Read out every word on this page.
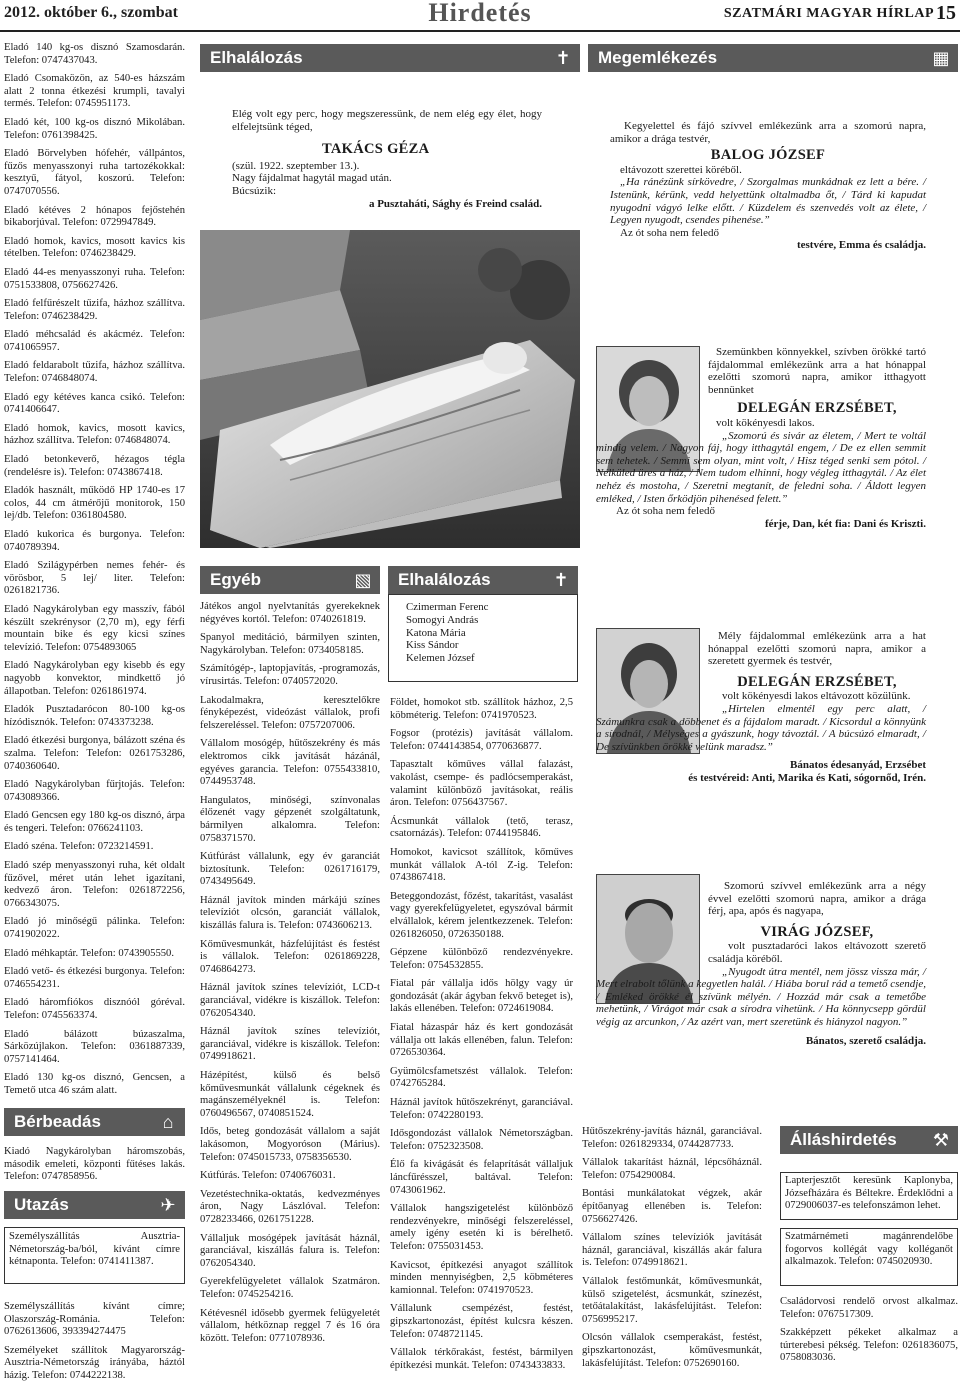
2012. október 6., szombat	Hirdetés	SZATMÁRI MAGYAR HÍRLAP 15

Eladó 140 kg-os disznó Szamosdarán. Telefon: 0747437043.

Eladó Csomaközön, az 540-es házszám alatt 2 tonna étkezési krumpli, tavalyi termés. Telefon: 0745951173.

Eladó két, 100 kg-os disznó Mikolában. Telefon: 0761398425.

Eladó Börvelyben hófehér, vállpántos, fűzős menyasszonyi ruha tartozékokkal: kesztyű, fátyol, koszorú. Telefon: 0747070556.

Eladó kétéves 2 hónapos fejőstehén bikaborjúval. Telefon: 0729947849.

Eladó homok, kavics, mosott kavics kis tételben. Telefon: 0746238429.

Eladó 44-es menyasszonyi ruha. Telefon: 0751533808, 0756627426.

Eladó felfűrészelt tűzifa, házhoz szállítva. Telefon: 0746238429.

Eladó méhcsalád és akácméz. Telefon: 0741065957.

Eladó feldarabolt tűzifa, házhoz szállítva. Telefon: 0746848074.

Eladó egy kétéves kanca csikó. Telefon: 0741406647.

Eladó homok, kavics, mosott kavics, házhoz szállítva. Telefon: 0746848074.

Eladó betonkeverő, hézagos tégla (rendelésre is). Telefon: 0743867418.

Eladók használt, működő HP 1740-es 17 colos, 44 cm átmérőjű monitorok, 150 lej/db. Telefon: 0361804580.

Eladó kukorica és burgonya. Telefon: 0740789394.

Eladó Szilágypérben nemes fehér- és vörösbor, 5 lej/ liter. Telefon: 0261821736.

Eladó Nagykárolyban egy masszív, fából készült szekrénysor (2,70 m), egy férfi mountain bike és egy kicsi színes televízió. Telefon: 0754893065

Eladó Nagykárolyban egy kisebb és egy nagyobb konvektor, mindkettő jó állapotban. Telefon: 0261861974.

Eladók Pusztadarócon 80-100 kg-os hízódisznók. Telefon: 0743373238.

Eladó étkezési burgonya, bálázott széna és szalma. Telefon: Telefon: 0261753286, 0740360640.

Eladó Nagykárolyban fűrjtojás. Telefon: 0743089366.

Eladó Gencsen egy 180 kg-os disznó, árpa és tengeri. Telefon: 0766241103.

Eladó széna. Telefon: 0723214591.

Eladó szép menyasszonyi ruha, két oldalt fűzővel, méret után lehet igazítani, kedvező áron. Telefon: 0261872256, 0766343075.

Eladó jó minőségű pálinka. Telefon: 0741902022.

Eladó méhkaptár. Telefon: 0743905550.

Eladó vető- és étkezési burgonya. Telefon: 0746554231.

Eladó háromfiókos disznóól góréval. Telefon: 0745563374.

Eladó bálázott búzaszalma, Sárközújlakon. Telefon: 0361887339, 0757141464.

Eladó 130 kg-os disznó, Gencsen, a Temető utca 46 szám alatt.

Bérbeadás	⌂

Kiadó Nagykárolyban háromszobás, második emeleti, központi fűtéses lakás. Telefon: 0747858956.

Utazás	✈
Személyszállítás Ausztria-Németország-ba/ból, kívánt címre kétnaponta. Telefon: 0741411387.

Személyszállítás kívánt címre; Olaszország-Románia. Telefon: 0762613606, 393394274475

Személyeket szállítok Magyarország-Ausztria-Németország irányába, háztól házig. Telefon: 0744222138.

Elhalálozás	✝
Elég volt egy perc, hogy megszeressünk, de nem elég egy élet, hogy elfelejtsünk téged,
TAKÁCS GÉZA
(szül. 1922. szeptember 13.).
Nagy fájdalmat hagytál magad után.
Búcsúzik:
a Pusztaháti, Sághy és Freind család.
Egyéb	▧

Játékos angol nyelvtanítás gyerekeknek négyéves kortól. Telefon: 0740261819.

Spanyol meditáció, bármilyen szinten, Nagykárolyban. Telefon: 0734058185.

Számítógép-, laptopjavítás, -programozás, vírusirtás. Telefon: 0740572020.

Lakodalmakra, keresztelőkre fényképezést, videózást vállalok, profi felszereléssel. Telefon: 0757207006.

Vállalom mosógép, hűtőszekrény és más elektromos cikk javítását házánál, egyéves garancia. Telefon: 0755433810, 0744953748.

Hangulatos, minőségi, színvonalas élőzenét vagy gépzenét szolgáltatunk, bármilyen alkalomra. Telefon: 0758371570.

Kútfúrást vállalunk, egy év garanciát biztosítunk. Telefon: 0261716179, 0743495649.

Háznál javítok minden márkájú színes televíziót olcsón, garanciát vállalok, kiszállás falura is. Telefon: 0743606213.

Kőművesmunkát, házfelújítást és festést is vállalok. Telefon: 0261869228, 0746864273.

Háznál javítok színes televíziót, LCD-t garanciával, vidékre is kiszállok. Telefon: 0762054340.

Háznál javítok színes televíziót, garanciával, vidékre is kiszállok. Telefon: 0749918621.

Házépítést, külső és belső kőművesmunkát vállalunk cégeknek és magánszemélyeknél is. Telefon: 0760496567, 0740851524.

Idős, beteg gondozását vállalom a saját lakásomon, Mogyoróson (Márius). Telefon: 0745015733, 0758356530.

Kútfúrás. Telefon: 0740676031.

Vezetéstechnika-oktatás, kedvezményes áron, Nagy Lászlóval. Telefon: 0728233466, 0261751228.

Vállaljuk mosógépek javítását háznál, garanciával, kiszállás falura is. Telefon: 0762054340.

Gyerekfelügyeletet vállalok Szatmáron. Telefon: 0745254216.

Kétévesnél idősebb gyermek felügyeletét vállalom, hétköznap reggel 7 és 16 óra között. Telefon: 0771078936.

Elhalálozás	✝
Czimerman Ferenc
Somogyi András
Katona Mária
Kiss Sándor
Kelemen József

Földet, homokot stb. szállítok házhoz, 2,5 köbméterig. Telefon: 0741970523.

Fogsor (protézis) javítását vállalom. Telefon: 0744143854, 0770636877.

Tapasztalt kőműves vállal falazást, vakolást, csempe- és padlócsemperakást, valamint különböző javításokat, reális áron. Telefon: 0756437567.

Ácsmunkát vállalok (tető, terasz, csatornázás). Telefon: 0744195846.

Homokot, kavicsot szállítok, kőműves munkát vállalok A-tól Z-ig. Telefon: 0743867418.

Beteggondozást, főzést, takarítást, vasalást vagy gyerekfelügyeletet, egyszóval bármit elvállalok, kérem jelentkezzenek. Telefon: 0261826050, 0726350188.

Gépzene különböző rendezvényekre. Telefon: 0754532855.

Fiatal pár vállalja idős hölgy vagy úr gondozását (akár ágyban fekvő beteget is), lakás ellenében. Telefon: 0724619084.

Fiatal házaspár ház és kert gondozását vállalja ott lakás ellenében, falun. Telefon: 0726530364.

Gyümölcsfametszést vállalok. Telefon: 0742765284.

Háznál javítok hűtőszekrényt, garanciával. Telefon: 0742280193.

Idősgondozást vállalok Németországban. Telefon: 0752323508.

Élő fa kivágását és felaprítását vállaljuk láncfűrésszel, baltával. Telefon: 0743061962.

Vállalok hangszigetelést különböző rendezvényekre, minőségi felszereléssel, amely igény esetén ki is bérelhető. Telefon: 0755031453.

Kavicsot, építkezési anyagot szállítok minden mennyiségben, 2,5 köbméteres kamionnal. Telefon: 0741970523.

Vállalunk csempézést, festést, gipszkartonozást, építést kulcsra készen. Telefon: 0748721145.

Vállalok térkőrakást, festést, bármilyen építkezési munkát. Telefon: 0743433833.

Megemlékezés	▦
Kegyelettel és fájó szívvel emlékezünk arra a szomorú napra, amikor a drága testvér,
BALOG JÓZSEF
eltávozott szerettei köréből.
„Ha ránézünk sírkövedre, / Szorgalmas munkádnak ez lett a bére. / Istenünk, kérünk, vedd helyettünk oltalmadba őt, / Tárd ki kapudat nyugodni vágyó lelke előtt. / Küzdelem és szenvedés volt az élete, / Legyen nyugodt, csendes pihenése.”
Az ót soha nem feledő
testvére, Emma és családja.
Szemünkben könnyekkel, szívben örökké tartó fájdalommal emlékezünk arra a hat hónappal ezelőtti szomorú napra, amikor itthagyott bennünket
DELEGÁN ERZSÉBET,
volt kökényesdi lakos.
„Szomorú és sivár az életem, / Mert te voltál mindig velem. / Nagyon fáj, hogy itthagytál engem, / De ez ellen semmit sem tehetek. / Semmi sem olyan, mint volt, / Hisz téged senki sem pótol. / Nélküled üres a ház, / Nem tudom elhinni, hogy végleg itthagytál. / Az élet nehéz és mostoha, / Szeretni megtanít, de feledni soha. / Áldott legyen emléked, / Isten őrködjön pihenésed felett.”
Az ót soha nem feledő
férje, Dan, két fia: Dani és Kriszti.
Mély fájdalommal emlékezünk arra a hat hónappal ezelőtti szomorú napra, amikor a szeretett gyermek és testvér,
DELEGÁN ERZSÉBET,
volt kökényesdi lakos eltávozott közülünk.
„Hirtelen elmentél egy perc alatt, / Számunkra csak a döbbenet és a fájdalom maradt. / Kicsordul a könnyünk a sírodnál, / Mélységes a gyászunk, hogy távoztál. / A búcsúzó elmaradt, / De szívünkben örökké velünk maradsz.”
Bánatos édesanyád, Erzsébet
és testvéreid: Anti, Marika és Kati, sógornőd, Irén.
Szomorú szívvel emlékezünk arra a négy évvel ezelőtti szomorú napra, amikor a drága férj, apa, após és nagyapa,
VIRÁG JÓZSEF,
volt pusztadaróci lakos eltávozott szerető családja köréből.
„Nyugodt útra mentél, nem jössz vissza már, / Mert elrabolt tőlünk a kegyetlen halál. / Hiába borul rád a temető csendje, / Emléked örökké él szívünk mélyén. / Hozzád már csak a temetőbe mehetünk, / Virágot már csak a sírodra vihetünk. / Ha könnycsepp gördül végig az arcunkon, / Az azért van, mert szeretünk és hiányzol nagyon.”
Bánatos, szerető családja.

Hűtőszekrény-javítás háznál, garanciával. Telefon: 0261829334, 0744287733.

Vállalok takarítást háznál, lépcsőháznál. Telefon: 0754290084.

Bontási munkálatokat végzek, akár építőanyag ellenében is. Telefon: 0756627426.

Vállalom színes televíziók javítását háznál, garanciával, kiszállás akár falura is. Telefon: 0749918621.

Vállalok festőmunkát, kőművesmunkát, külső szigetelést, ácsmunkát, színezést, tetőátalakítást, lakásfelújítást. Telefon: 0756995217.

Olcsón vállalok csemperakást, festést, gipszkartonozást, kőművesmunkát, lakásfelújítást. Telefon: 0752690160.

Álláshirdetés ⚒
Lapterjesztőt keresünk Kaplonyba, Józsefházára és Béltekre. Érdeklődni a 0729006037-es telefonszámon lehet.
Szatmárnémeti magánrendelőbe fogorvos kollégát vagy kolléganőt alkalmazok. Telefon: 0745020930.

Családorvosi rendelő orvost alkalmaz. Telefon: 0767517309.

Szakképzett pékeket alkalmaz a túrterebesi pékség. Telefon: 0261836075, 0758083036.
